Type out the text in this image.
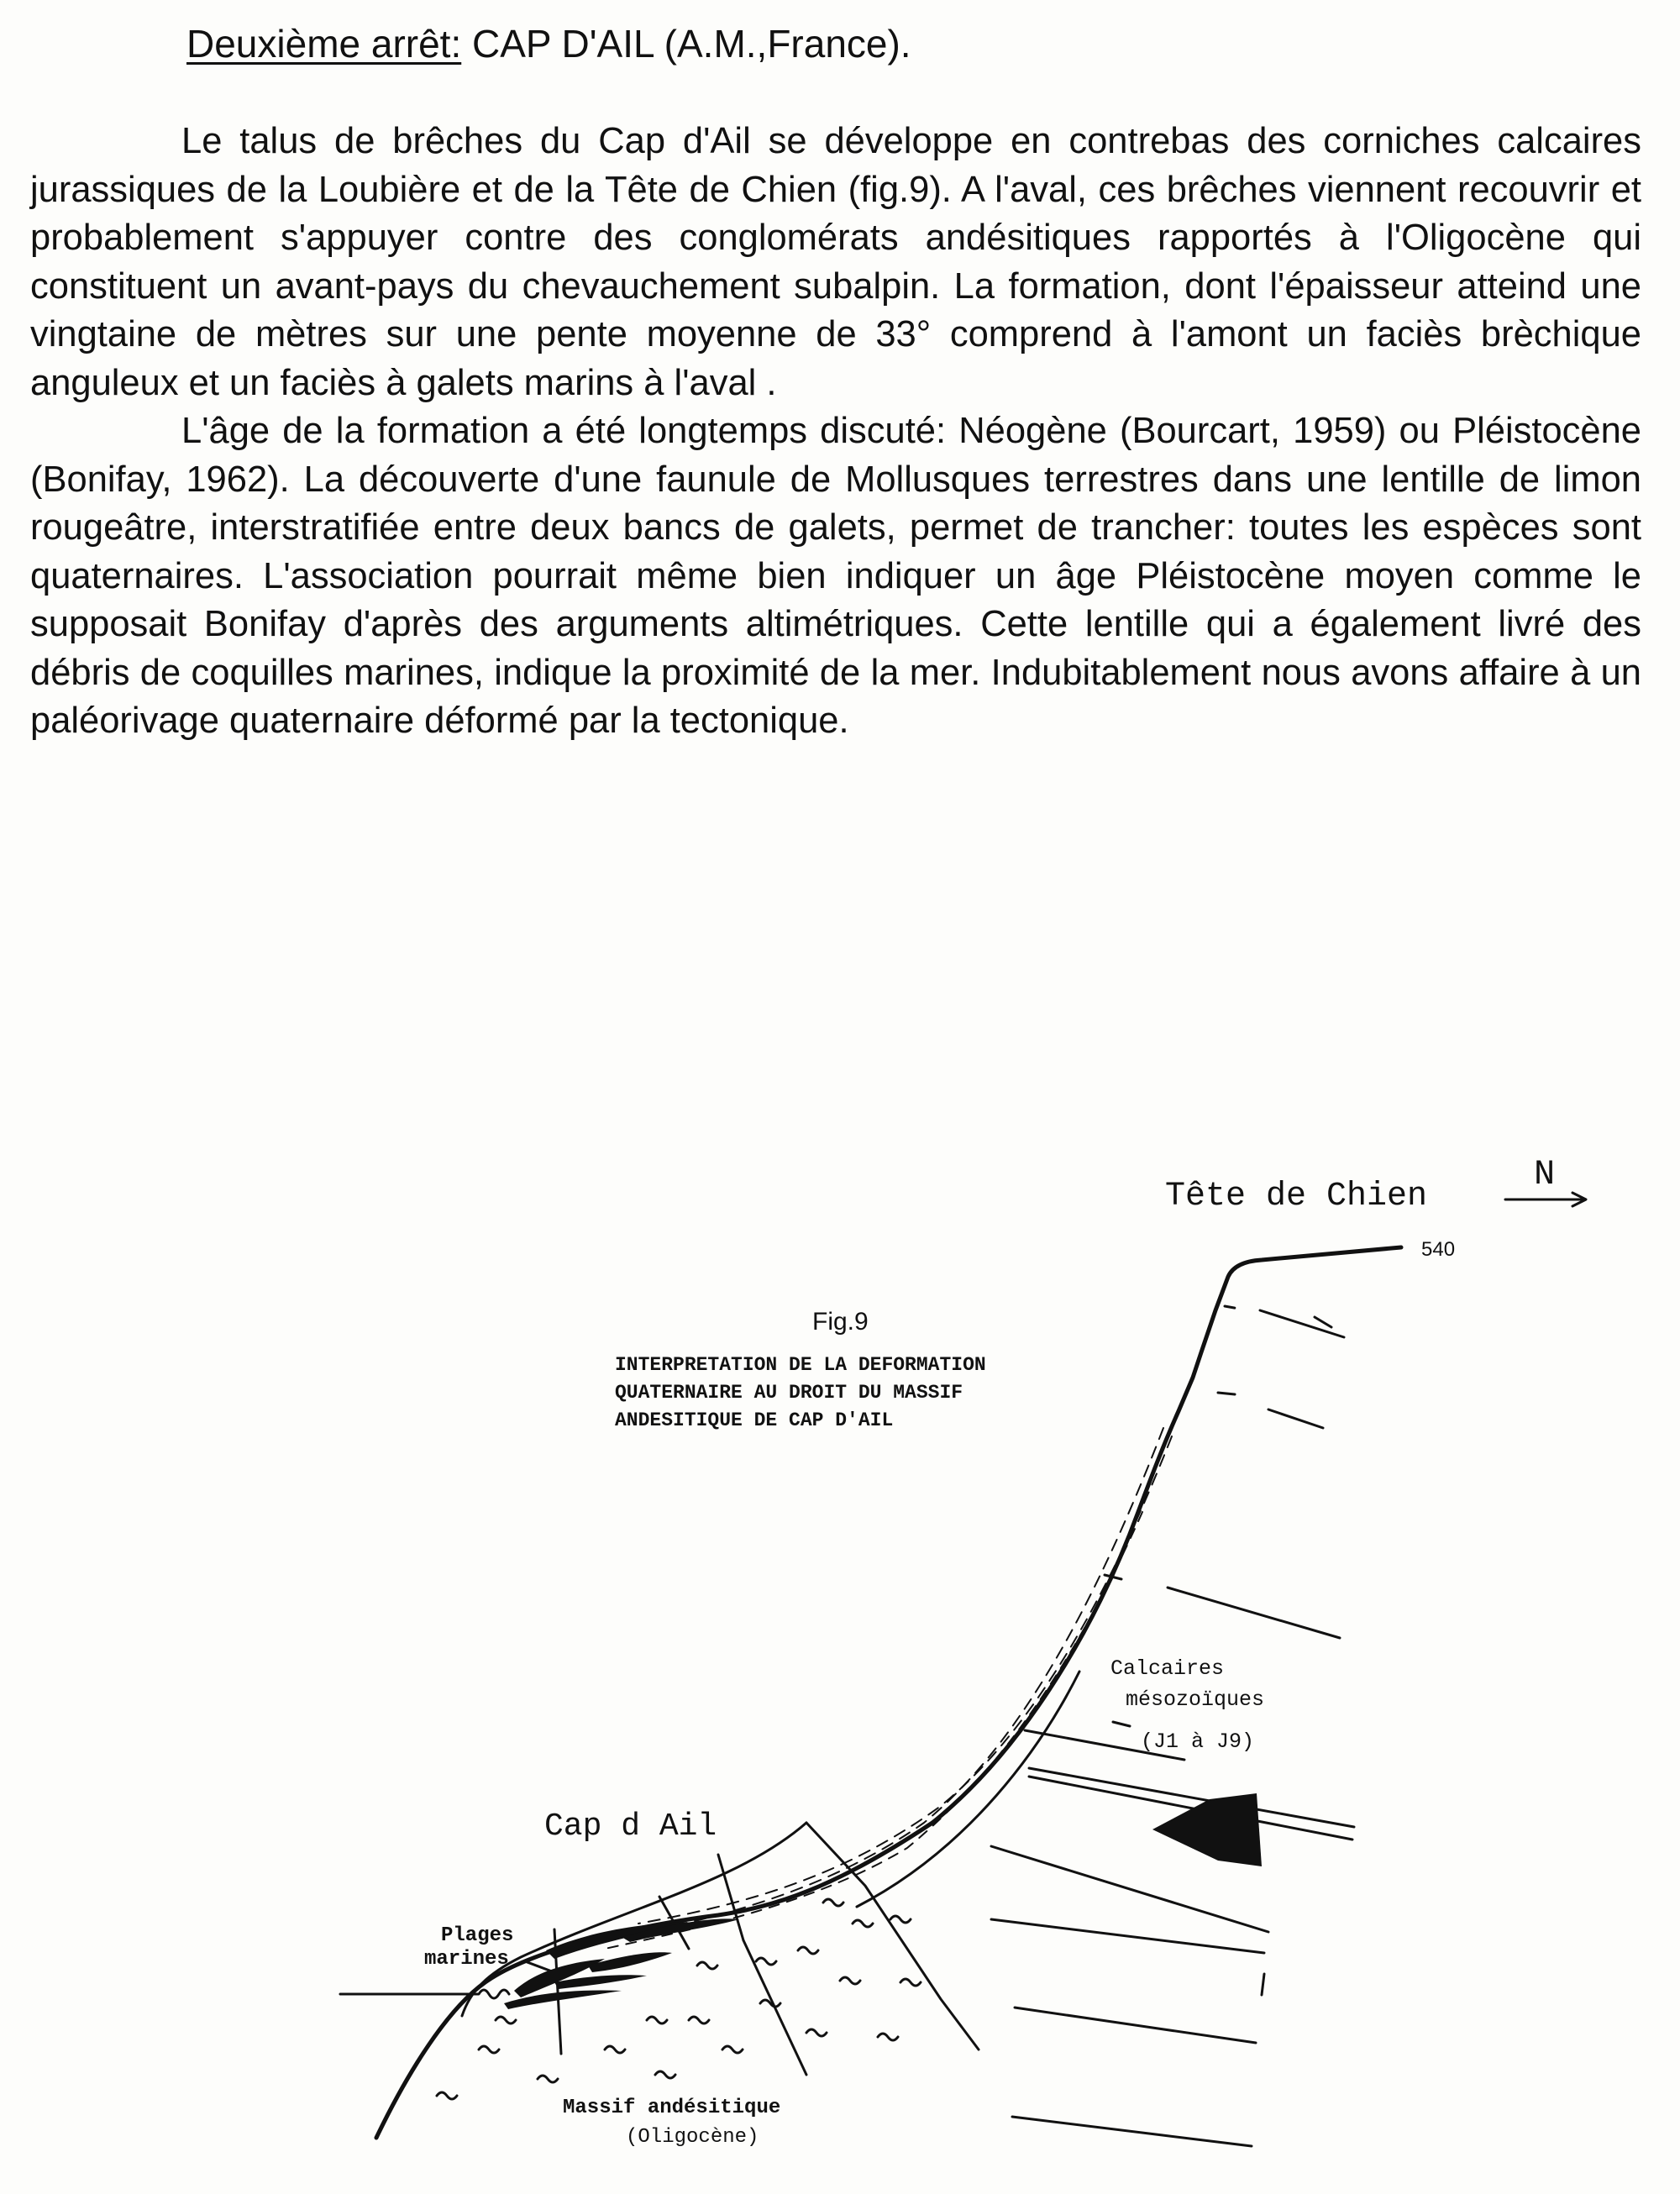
Deuxième arrêt: CAP D'AIL (A.M.,France).

Le talus de brêches du Cap d'Ail se développe en contrebas des corniches calcaires jurassiques de la Loubière et de la Tête de Chien (fig.9). A l'aval, ces brêches viennent recouvrir et probablement s'appuyer contre des conglomérats andésitiques rapportés à l'Oligocène qui constituent un avant-pays du chevauchement subalpin. La formation, dont l'épaisseur atteind une vingtaine de mètres sur une pente moyenne de 33° comprend à l'amont un faciès brèchique anguleux et un faciès à galets marins à l'aval .

L'âge de la formation a été longtemps discuté: Néogène (Bourcart, 1959) ou Pléistocène (Bonifay, 1962). La découverte d'une faunule de Mollusques terrestres dans une lentille de limon rougeâtre, interstratifiée entre deux bancs de galets, permet de trancher: toutes les espèces sont quaternaires. L'association pourrait même bien indiquer un âge Pléistocène moyen comme le supposait Bonifay d'après des arguments altimétriques. Cette lentille qui a également livré des débris de coquilles marines, indique la proximité de la mer. Indubitablement nous avons affaire à un paléorivage quaternaire déformé par la tectonique.

Tête de Chien
N
540
Fig.9
INTERPRETATION DE LA DEFORMATION
QUATERNAIRE AU DROIT DU MASSIF
ANDESITIQUE DE CAP D'AIL
Calcaires
mésozoïques
(J1 à J9)
Cap d Ail
Plages
marines
Massif andésitique
(Oligocène)
